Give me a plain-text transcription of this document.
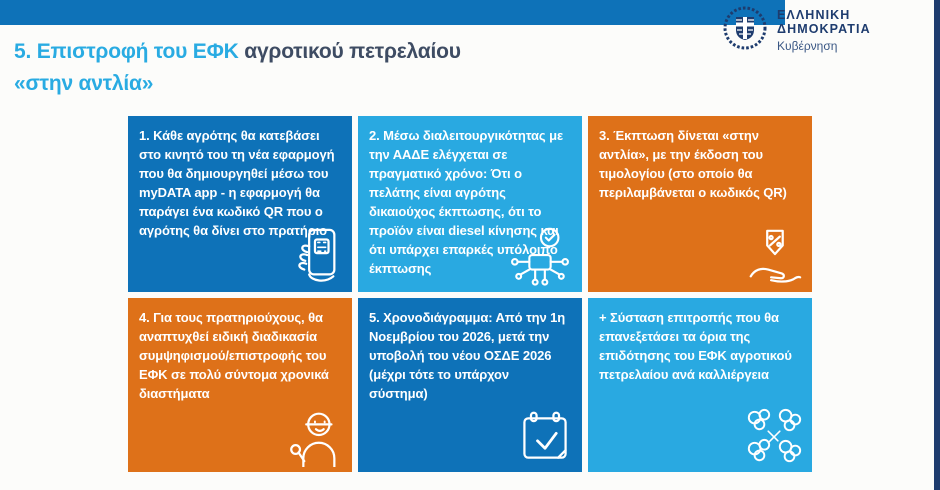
ΕΛΛΗΝΙΚΗ ΔΗΜΟΚΡΑΤΙΑ
Κυβέρνηση
5. Επιστροφή του ΕΦΚ αγροτικού πετρελαίου
«στην αντλία»
1. Κάθε αγρότης θα κατεβάσει στο κινητό του τη νέα εφαρμογή που θα δημιουργηθεί μέσω του myDATA app - η εφαρμογή θα παράγει ένα κωδικό QR που ο αγρότης θα δίνει στο πρατήριο
2. Μέσω διαλειτουργικότητας με την ΑΑΔΕ ελέγχεται σε πραγματικό χρόνο: Ότι ο πελάτης είναι αγρότης δικαιούχος έκπτωσης, ότι το προϊόν είναι diesel κίνησης και ότι υπάρχει επαρκές υπόλοιπο έκπτωσης
3. Έκπτωση δίνεται «στην αντλία», με την έκδοση του τιμολογίου (στο οποίο θα περιλαμβάνεται ο κωδικός QR)
4. Για τους πρατηριούχους, θα αναπτυχθεί ειδική διαδικασία συμψηφισμού/επιστροφής του ΕΦΚ σε πολύ σύντομα χρονικά διαστήματα
5. Χρονοδιάγραμμα: Από την 1η Νοεμβρίου του 2026, μετά την υποβολή του νέου ΟΣΔΕ 2026 (μέχρι τότε το υπάρχον σύστημα)
+ Σύσταση επιτροπής που θα επανεξετάσει τα όρια της επιδότησης του ΕΦΚ αγροτικού πετρελαίου ανά καλλιέργεια
